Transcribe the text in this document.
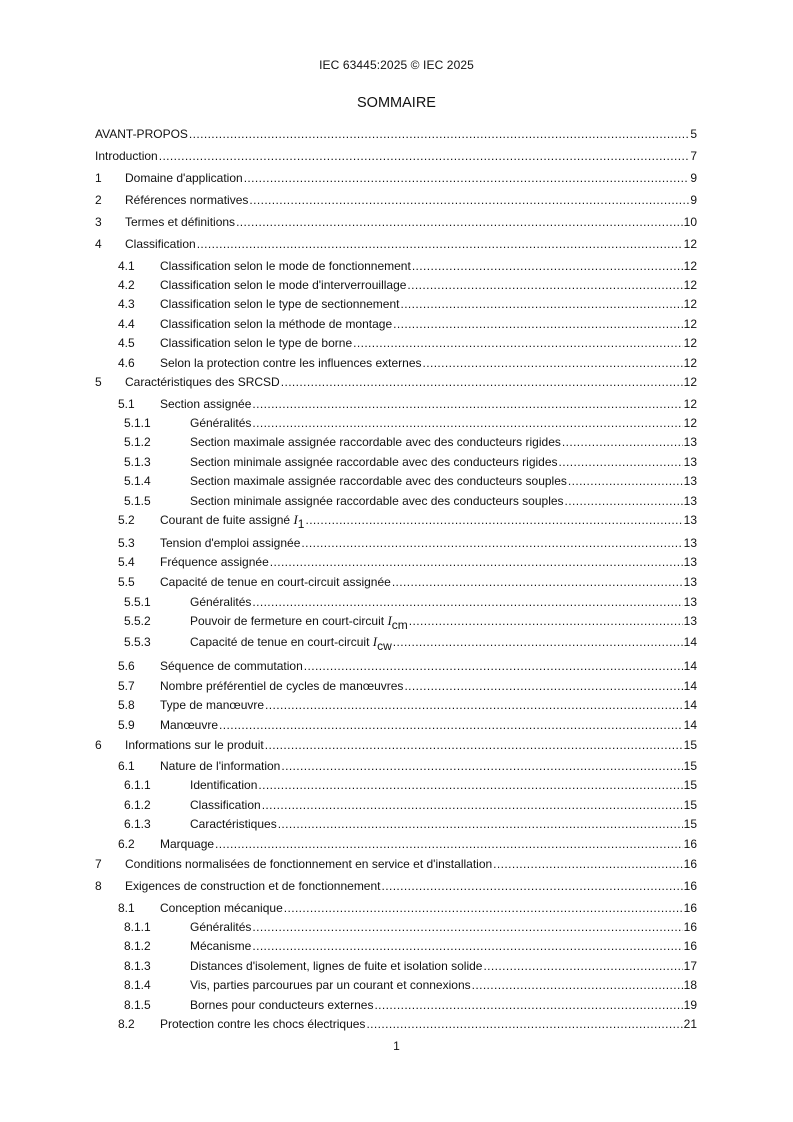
IEC 63445:2025 © IEC 2025
SOMMAIRE
AVANT-PROPOS .....	5
Introduction .....	7
1	Domaine d'application .....	9
2	Références normatives .....	9
3	Termes et définitions .....	10
4	Classification .....	12
4.1	Classification selon le mode de fonctionnement .....	12
4.2	Classification selon le mode d'interverrouillage .....	12
4.3	Classification selon le type de sectionnement .....	12
4.4	Classification selon la méthode de montage .....	12
4.5	Classification selon le type de borne .....	12
4.6	Selon la protection contre les influences externes .....	12
5	Caractéristiques des SRCSD .....	12
5.1	Section assignée .....	12
5.1.1	Généralités .....	12
5.1.2	Section maximale assignée raccordable avec des conducteurs rigides .....	13
5.1.3	Section minimale assignée raccordable avec des conducteurs rigides .....	13
5.1.4	Section maximale assignée raccordable avec des conducteurs souples .....	13
5.1.5	Section minimale assignée raccordable avec des conducteurs souples .....	13
5.2	Courant de fuite assigné I1 .....	13
5.3	Tension d'emploi assignée .....	13
5.4	Fréquence assignée .....	13
5.5	Capacité de tenue en court-circuit assignée .....	13
5.5.1	Généralités .....	13
5.5.2	Pouvoir de fermeture en court-circuit Icm .....	13
5.5.3	Capacité de tenue en court-circuit Icw .....	14
5.6	Séquence de commutation .....	14
5.7	Nombre préférentiel de cycles de manœuvres .....	14
5.8	Type de manœuvre .....	14
5.9	Manœuvre .....	14
6	Informations sur le produit .....	15
6.1	Nature de l'information .....	15
6.1.1	Identification .....	15
6.1.2	Classification .....	15
6.1.3	Caractéristiques .....	15
6.2	Marquage .....	16
7	Conditions normalisées de fonctionnement en service et d'installation .....	16
8	Exigences de construction et de fonctionnement .....	16
8.1	Conception mécanique .....	16
8.1.1	Généralités .....	16
8.1.2	Mécanisme .....	16
8.1.3	Distances d'isolement, lignes de fuite et isolation solide .....	17
8.1.4	Vis, parties parcourues par un courant et connexions .....	18
8.1.5	Bornes pour conducteurs externes .....	19
8.2	Protection contre les chocs électriques .....	21
1
